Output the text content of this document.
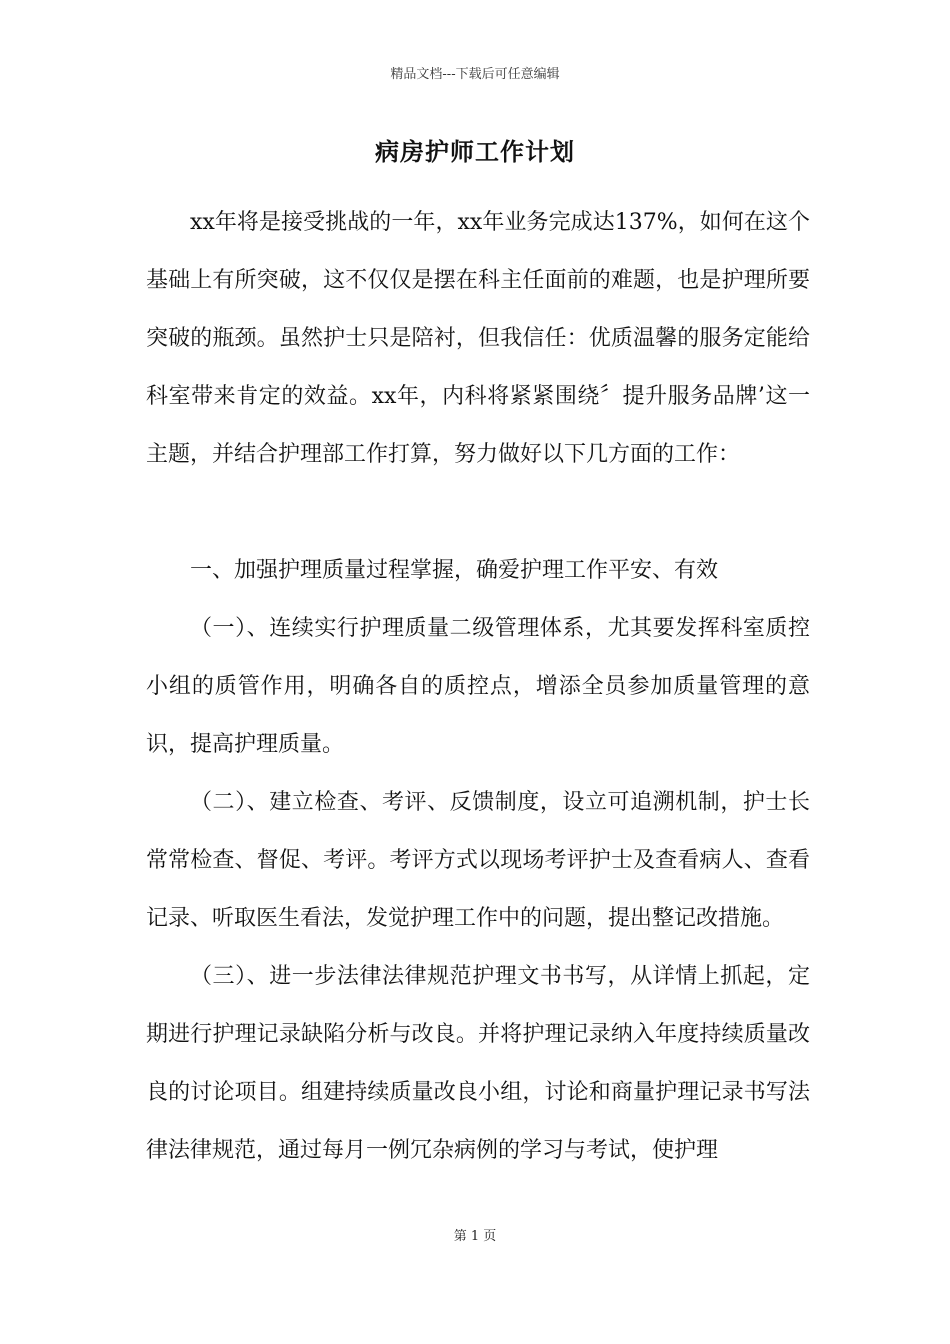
精品文档---下载后可任意编辑
病房护师工作计划

xx年将是接受挑战的一年，xx年业务完成达137%，如何在这个基础上有所突破，这不仅仅是摆在科主任面前的难题，也是护理所要突破的瓶颈。虽然护士只是陪衬，但我信任：优质温馨的服务定能给科室带来肯定的效益。xx年，内科将紧紧围绕〞提升服务品牌’这一主题，并结合护理部工作打算，努力做好以下几方面的工作：

一、加强护理质量过程掌握，确爱护理工作平安、有效

（一）、连续实行护理质量二级管理体系，尤其要发挥科室质控小组的质管作用，明确各自的质控点，增添全员参加质量管理的意识，提高护理质量。

（二）、建立检查、考评、反馈制度，设立可追溯机制，护士长常常检查、督促、考评。考评方式以现场考评护士及查看病人、查看记录、听取医生看法，发觉护理工作中的问题，提出整记改措施。

（三）、进一步法律法律规范护理文书书写，从详情上抓起，定期进行护理记录缺陷分析与改良。并将护理记录纳入年度持续质量改良的讨论项目。组建持续质量改良小组，讨论和商量护理记录书写法律法律规范，通过每月一例冗杂病例的学习与考试，使护理

第 1 页
